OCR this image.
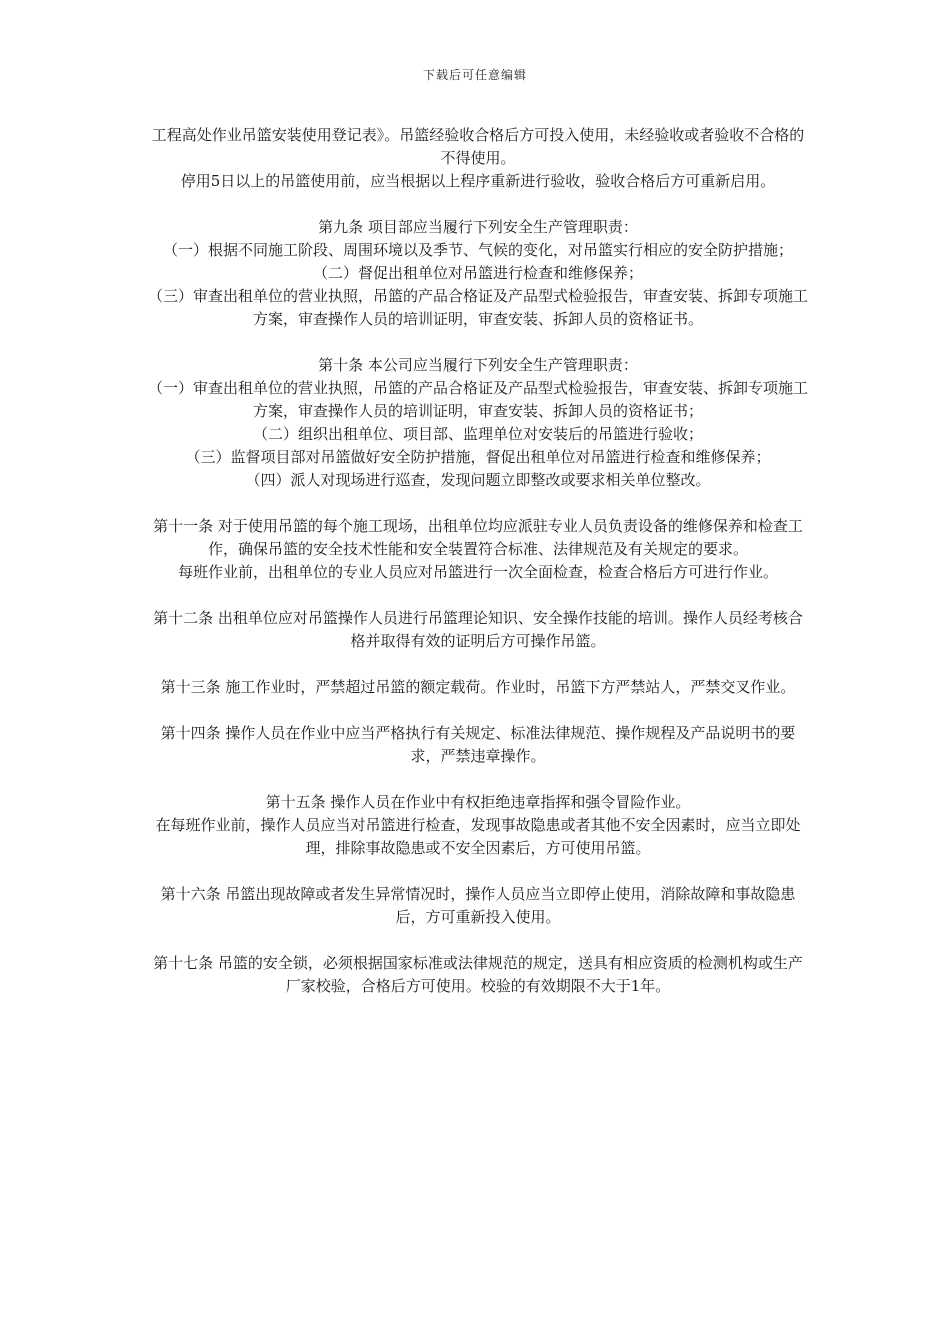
下载后可任意编辑

工程高处作业吊篮安装使用登记表》。吊篮经验收合格后方可投入使用，未经验收或者验收不合格的不得使用。

停用5日以上的吊篮使用前，应当根据以上程序重新进行验收，验收合格后方可重新启用。

第九条 项目部应当履行下列安全生产管理职责：

（一）根据不同施工阶段、周围环境以及季节、气候的变化，对吊篮实行相应的安全防护措施；

（二）督促出租单位对吊篮进行检查和维修保养；

（三）审查出租单位的营业执照，吊篮的产品合格证及产品型式检验报告，审查安装、拆卸专项施工方案，审查操作人员的培训证明，审查安装、拆卸人员的资格证书。

第十条 本公司应当履行下列安全生产管理职责：

（一）审查出租单位的营业执照，吊篮的产品合格证及产品型式检验报告，审查安装、拆卸专项施工方案，审查操作人员的培训证明，审查安装、拆卸人员的资格证书；

（二）组织出租单位、项目部、监理单位对安装后的吊篮进行验收；

（三）监督项目部对吊篮做好安全防护措施，督促出租单位对吊篮进行检查和维修保养；

（四）派人对现场进行巡查，发现问题立即整改或要求相关单位整改。

第十一条 对于使用吊篮的每个施工现场，出租单位均应派驻专业人员负责设备的维修保养和检查工作，确保吊篮的安全技术性能和安全装置符合标准、法律规范及有关规定的要求。

每班作业前，出租单位的专业人员应对吊篮进行一次全面检查，检查合格后方可进行作业。

第十二条 出租单位应对吊篮操作人员进行吊篮理论知识、安全操作技能的培训。操作人员经考核合格并取得有效的证明后方可操作吊篮。

第十三条 施工作业时，严禁超过吊篮的额定载荷。作业时，吊篮下方严禁站人，严禁交叉作业。

第十四条 操作人员在作业中应当严格执行有关规定、标准法律规范、操作规程及产品说明书的要求，严禁违章操作。

第十五条 操作人员在作业中有权拒绝违章指挥和强令冒险作业。

在每班作业前，操作人员应当对吊篮进行检查，发现事故隐患或者其他不安全因素时，应当立即处理，排除事故隐患或不安全因素后，方可使用吊篮。

第十六条 吊篮出现故障或者发生异常情况时，操作人员应当立即停止使用，消除故障和事故隐患后，方可重新投入使用。

第十七条 吊篮的安全锁，必须根据国家标准或法律规范的规定，送具有相应资质的检测机构或生产厂家校验，合格后方可使用。校验的有效期限不大于1年。
